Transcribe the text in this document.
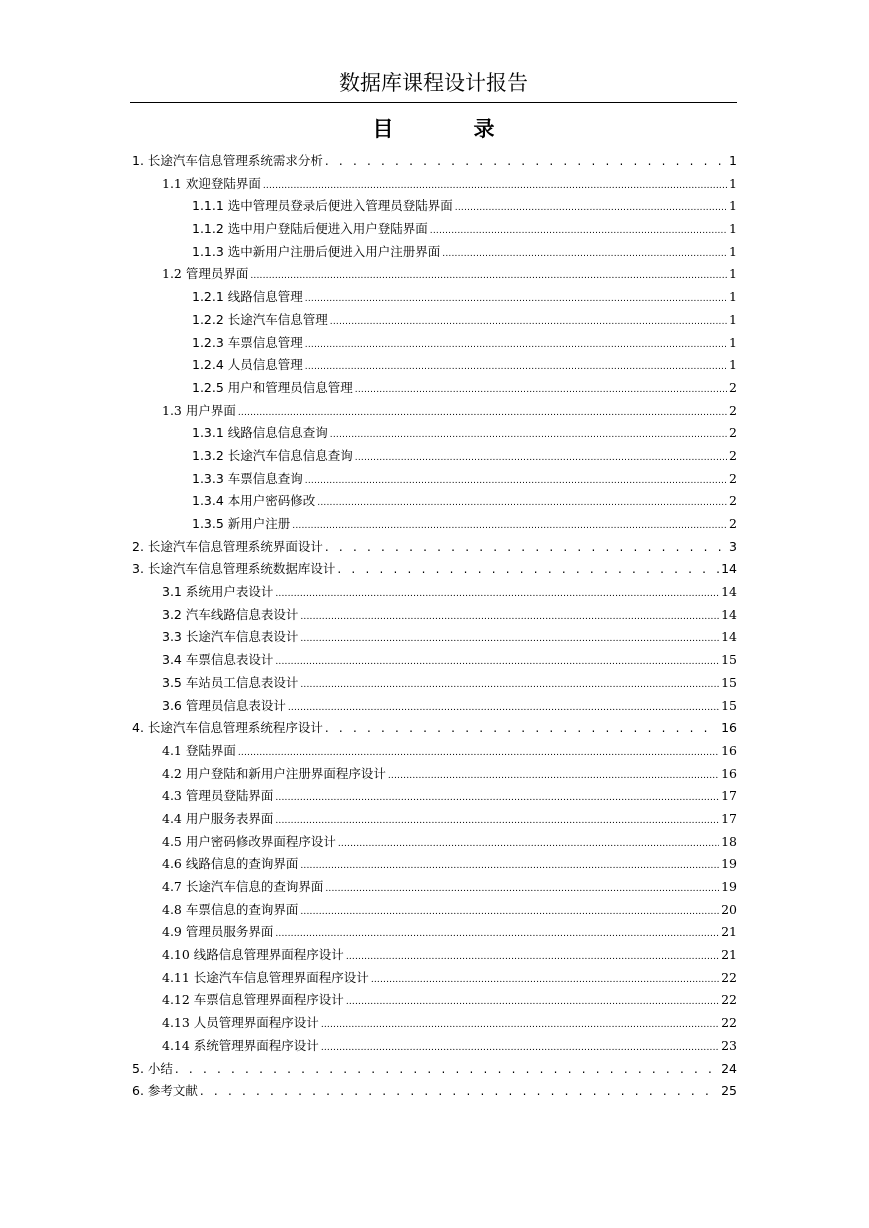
数据库课程设计报告
目	录
1. 长途汽车信息管理系统需求分析 . . .	1
1.1 欢迎登陆界面 .....	1
1.1.1 选中管理员登录后便进入管理员登陆界面 .....	1
1.1.2 选中用户登陆后便进入用户登陆界面 .....	1
1.1.3 选中新用户注册后便进入用户注册界面 .....	1
1.2 管理员界面 .....	1
1.2.1 线路信息管理 .....	1
1.2.2 长途汽车信息管理 .....	1
1.2.3 车票信息管理 .....	1
1.2.4 人员信息管理 .....	1
1.2.5 用户和管理员信息管理 .....	2
1.3 用户界面 .....	2
1.3.1 线路信息信息查询 .....	2
1.3.2 长途汽车信息信息查询 .....	2
1.3.3 车票信息查询 .....	2
1.3.4 本用户密码修改 .....	2
1.3.5 新用户注册 .....	2
2. 长途汽车信息管理系统界面设计 . . .	3
3. 长途汽车信息管理系统数据库设计 . . .	14
3.1 系统用户表设计 .....	14
3.2 汽车线路信息表设计 .....	14
3.3 长途汽车信息表设计 .....	14
3.4 车票信息表设计 .....	15
3.5 车站员工信息表设计 .....	15
3.6 管理员信息表设计 .....	15
4. 长途汽车信息管理系统程序设计 . . .	16
4.1 登陆界面 .....	16
4.2 用户登陆和新用户注册界面程序设计 .....	16
4.3 管理员登陆界面 .....	17
4.4 用户服务表界面 .....	17
4.5 用户密码修改界面程序设计 .....	18
4.6 线路信息的查询界面 .....	19
4.7 长途汽车信息的查询界面 .....	19
4.8 车票信息的查询界面 .....	20
4.9 管理员服务界面 .....	21
4.10 线路信息管理界面程序设计 .....	21
4.11 长途汽车信息管理界面程序设计 .....	22
4.12 车票信息管理界面程序设计 .....	22
4.13 人员管理界面程序设计 .....	22
4.14 系统管理界面程序设计 .....	23
5. 小结 . . .	24
6. 参考文献 . . .	25
